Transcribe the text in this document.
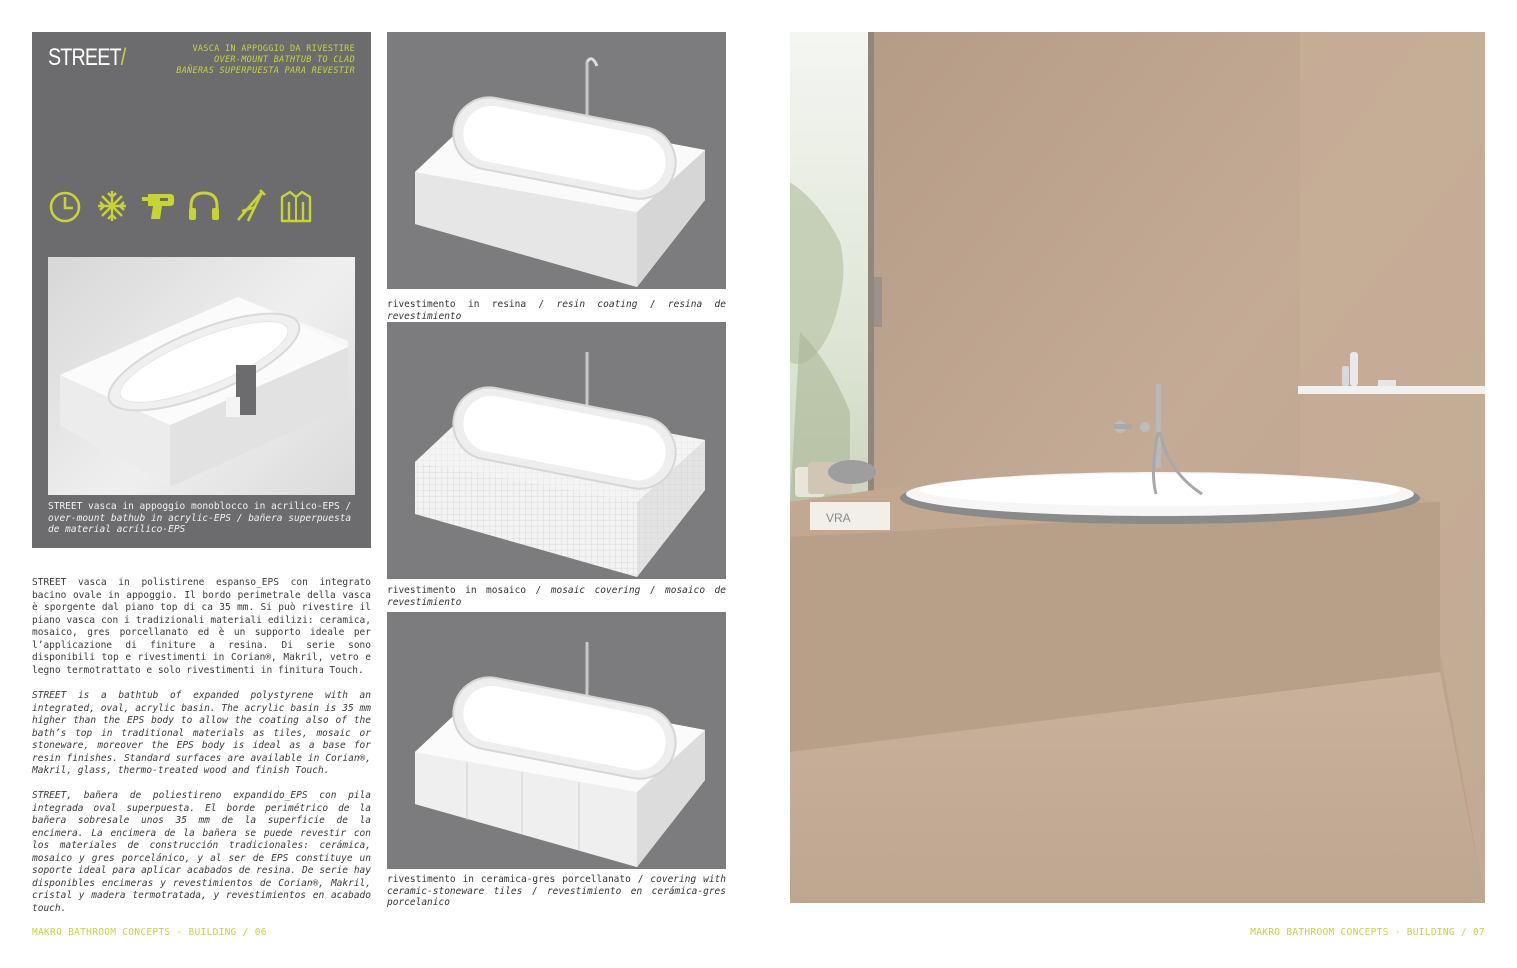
STREET/	VASCA IN APPOGGIO DA RIVESTIRE
OVER-MOUNT BATHTUB TO CLAD
BAÑERAS SUPERPUESTA PARA REVESTIR
STREET vasca in appoggio monoblocco in acrilico-EPS / over-mount bathub in acrylic-EPS / bañera superpuesta de material acrílico-EPS
STREET vasca in polistirene espanso_EPS con integrato bacino ovale in appoggio. Il bordo perimetrale della vasca è sporgente dal piano top di ca 35 mm. Si può rivestire il piano vasca con i tradizionali materiali edilizi: ceramica, mosaico, gres porcellanato ed è un supporto ideale per l’applicazione di finiture a resina. Di serie sono disponibili top e rivestimenti in Corian®, Makril, vetro e legno termotrattato e solo rivestimenti in finitura Touch.
STREET is a bathtub of expanded polystyrene with an integrated, oval, acrylic basin. The acrylic basin is 35 mm higher than the EPS body to allow the coating also of the bath’s top in traditional materials as tiles, mosaic or stoneware, moreover the EPS body is ideal as a base for resin finishes. Standard surfaces are available in Corian®, Makril, glass, thermo-treated wood and finish Touch.
STREET, bañera de poliestireno expandido_EPS con pila integrada oval superpuesta. El borde perimétrico de la bañera sobresale unos 35 mm de la superficie de la encimera. La encimera de la bañera se puede revestir con los materiales de construcción tradicionales: cerámica, mosaico y gres porcelánico, y al ser de EPS constituye un soporte ideal para aplicar acabados de resina. De serie hay disponibles encimeras y revestimientos de Corian®, Makril, cristal y madera termotratada, y revestimientos en acabado touch.
rivestimento in resina / resin coating / resina de revestimiento
rivestimento in mosaico / mosaic covering / mosaico de revestimiento
rivestimento in ceramica-gres porcellanato / covering with ceramic-stoneware tiles / revestimiento en cerámica-gres porcelanico
VRA
MAKRO BATHROOM CONCEPTS - BUILDING / 06	MAKRO BATHROOM CONCEPTS - BUILDING / 07
